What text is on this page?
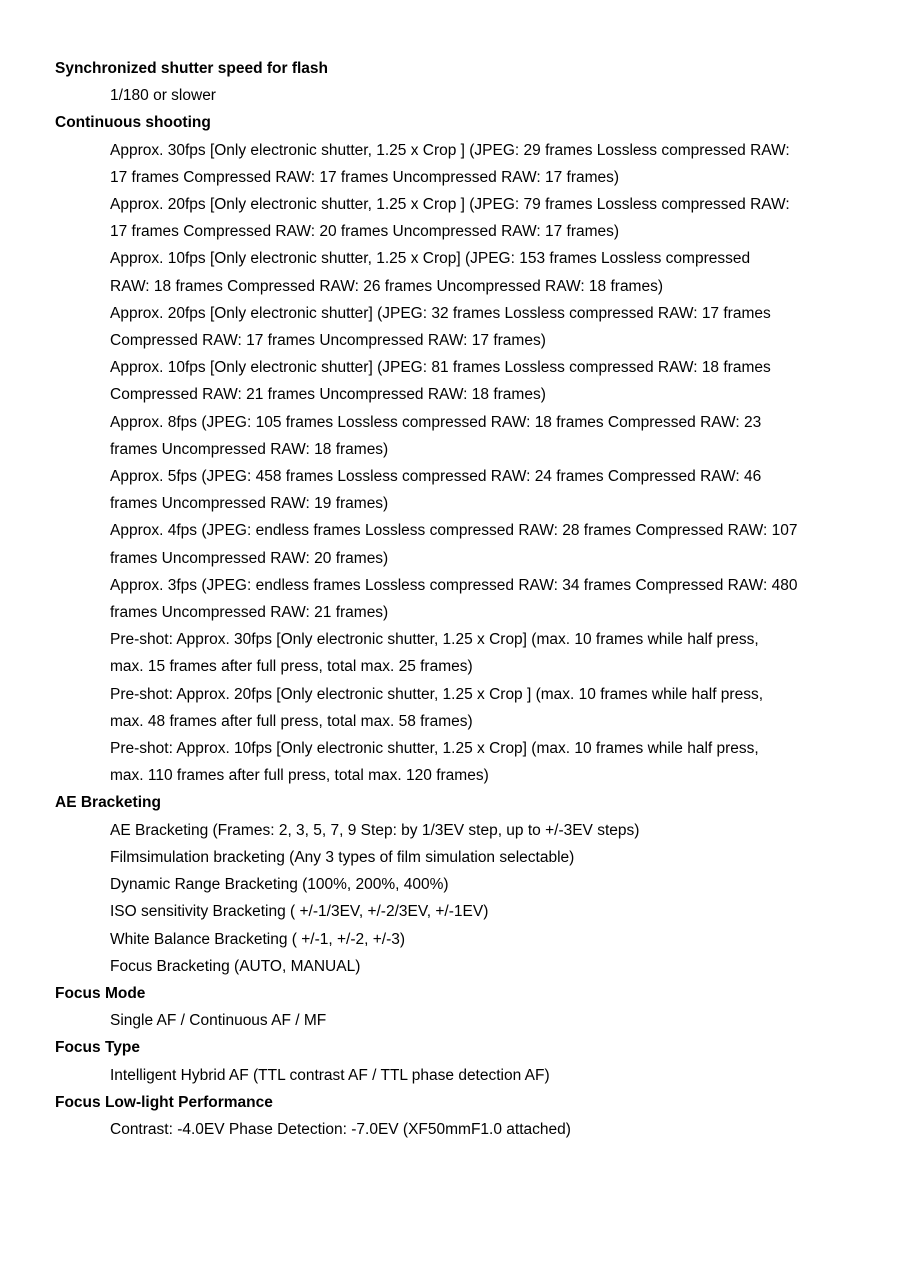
Synchronized shutter speed for flash
1/180 or slower
Continuous shooting
Approx. 30fps [Only electronic shutter, 1.25 x Crop ] (JPEG: 29 frames Lossless compressed RAW:
17 frames Compressed RAW: 17 frames Uncompressed RAW: 17 frames)
Approx. 20fps [Only electronic shutter, 1.25 x Crop ] (JPEG: 79 frames Lossless compressed RAW:
17 frames Compressed RAW: 20 frames Uncompressed RAW: 17 frames)
Approx. 10fps [Only electronic shutter, 1.25 x Crop] (JPEG: 153 frames Lossless compressed
RAW: 18 frames Compressed RAW: 26 frames Uncompressed RAW: 18 frames)
Approx. 20fps [Only electronic shutter] (JPEG: 32 frames Lossless compressed RAW: 17 frames
Compressed RAW: 17 frames Uncompressed RAW: 17 frames)
Approx. 10fps [Only electronic shutter] (JPEG: 81 frames Lossless compressed RAW: 18 frames
Compressed RAW: 21 frames Uncompressed RAW: 18 frames)
Approx. 8fps (JPEG: 105 frames Lossless compressed RAW: 18 frames Compressed RAW: 23
frames Uncompressed RAW: 18 frames)
Approx. 5fps (JPEG: 458 frames Lossless compressed RAW: 24 frames Compressed RAW: 46
frames Uncompressed RAW: 19 frames)
Approx. 4fps (JPEG: endless frames Lossless compressed RAW: 28 frames Compressed RAW: 107
frames Uncompressed RAW: 20 frames)
Approx. 3fps (JPEG: endless frames Lossless compressed RAW: 34 frames Compressed RAW: 480
frames Uncompressed RAW: 21 frames)
Pre-shot: Approx. 30fps [Only electronic shutter, 1.25 x Crop] (max. 10 frames while half press,
max. 15 frames after full press, total max. 25 frames)
Pre-shot: Approx. 20fps [Only electronic shutter, 1.25 x Crop ] (max. 10 frames while half press,
max. 48 frames after full press, total max. 58 frames)
Pre-shot: Approx. 10fps [Only electronic shutter, 1.25 x Crop] (max. 10 frames while half press,
max. 110 frames after full press, total max. 120 frames)
AE Bracketing
AE Bracketing (Frames: 2, 3, 5, 7, 9 Step: by 1/3EV step, up to +/-3EV steps)
Filmsimulation bracketing (Any 3 types of film simulation selectable)
Dynamic Range Bracketing (100%, 200%, 400%)
ISO sensitivity Bracketing ( +/-1/3EV, +/-2/3EV, +/-1EV)
White Balance Bracketing ( +/-1, +/-2, +/-3)
Focus Bracketing (AUTO, MANUAL)
Focus Mode
Single AF / Continuous AF / MF
Focus Type
Intelligent Hybrid AF (TTL contrast AF / TTL phase detection AF)
Focus Low-light Performance
Contrast: -4.0EV Phase Detection: -7.0EV (XF50mmF1.0 attached)
